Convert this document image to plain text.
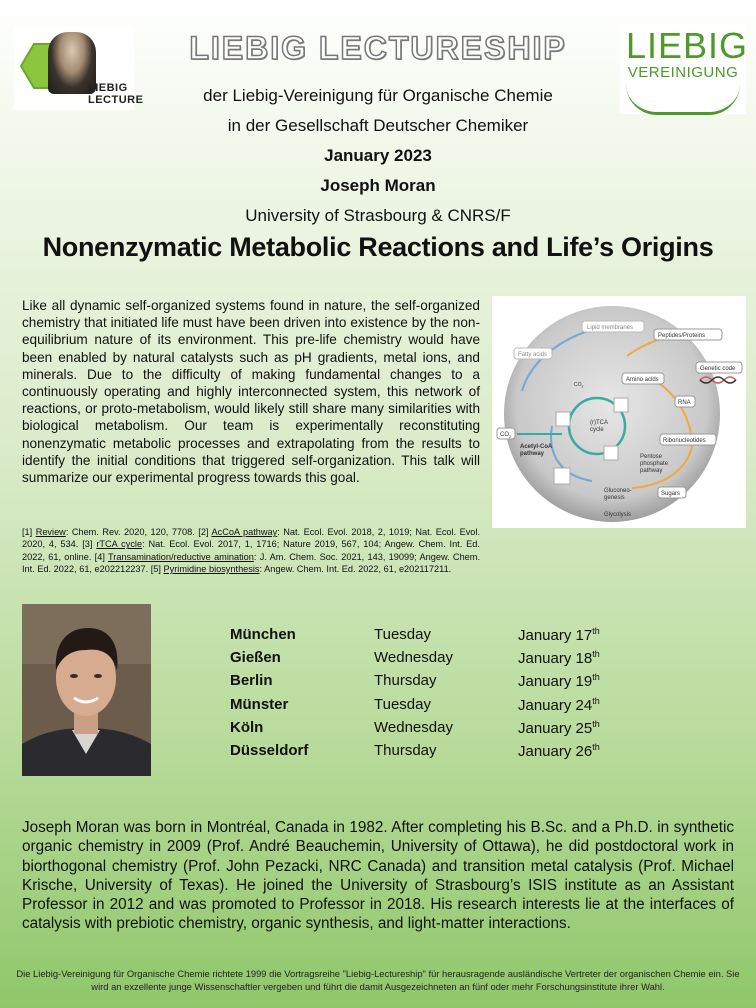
LIEBIG
LECTURE
LIEBIG
VEREINIGUNG
LIEBIG LECTURESHIP
der Liebig-Vereinigung für Organische Chemie
in der Gesellschaft Deutscher Chemiker
January 2023
Joseph Moran
University of Strasbourg & CNRS/F
Nonenzymatic Metabolic Reactions and Life’s Origins
Like all dynamic self-organized systems found in nature, the self-organized chemistry that initiated life must have been driven into existence by the non-equilibrium nature of its environment. This pre-life chemistry would have been enabled by natural catalysts such as pH gradients, metal ions, and minerals. Due to the difficulty of making fundamental changes to a continuously operating and highly interconnected system, this network of reactions, or proto-metabolism, would likely still share many similarities with biological metabolism. Our team is experimentally reconstituting nonenzymatic metabolic processes and extrapolating from the results to identify the initial conditions that triggered self-organization. This talk will summarize our experimental progress towards this goal.
[1] Review: Chem. Rev. 2020, 120, 7708. [2] AcCoA pathway: Nat. Ecol. Evol. 2018, 2, 1019; Nat. Ecol. Evol. 2020, 4, 534. [3] rTCA cycle: Nat. Ecol. Evol. 2017, 1, 1716; Nature 2019, 567, 104; Angew. Chem. Int. Ed. 2022, 61, online. [4] Transamination/reductive amination: J. Am. Chem. Soc. 2021, 143, 19099; Angew. Chem. Int. Ed. 2022, 61, e202212237. [5] Pyrimidine biosynthesis: Angew. Chem. Int. Ed. 2022, 61, e202117211.
Lipid membranes
Fatty acids
Peptides/Proteins
Genetic code
Amino acids
RNA
Ribonucleotides
Pentose phosphate pathway
Sugars
Gluconeo- genesis
Glycolysis
$CO_2$
Acetyl-CoA pathway
(r)TCA cycle
$CO_2$
München	Tuesday	January 17th
Gießen	Wednesday	January 18th
Berlin	Thursday	January 19th
Münster	Tuesday	January 24th
Köln	Wednesday	January 25th
Düsseldorf	Thursday	January 26th
Joseph Moran was born in Montréal, Canada in 1982. After completing his B.Sc. and a Ph.D. in synthetic organic chemistry in 2009 (Prof. André Beauchemin, University of Ottawa), he did postdoctoral work in biorthogonal chemistry (Prof. John Pezacki, NRC Canada) and transition metal catalysis (Prof. Michael Krische, University of Texas). He joined the University of Strasbourg’s ISIS institute as an Assistant Professor in 2012 and was promoted to Professor in 2018. His research interests lie at the interfaces of catalysis with prebiotic chemistry, organic synthesis, and light-matter interactions.
Die Liebig-Vereinigung für Organische Chemie richtete 1999 die Vortragsreihe "Liebig-Lectureship" für herausragende ausländische Vertreter der organischen Chemie ein. Sie wird an exzellente junge Wissenschaftler vergeben und führt die damit Ausgezeichneten an fünf oder mehr Forschungsinstitute ihrer Wahl.
